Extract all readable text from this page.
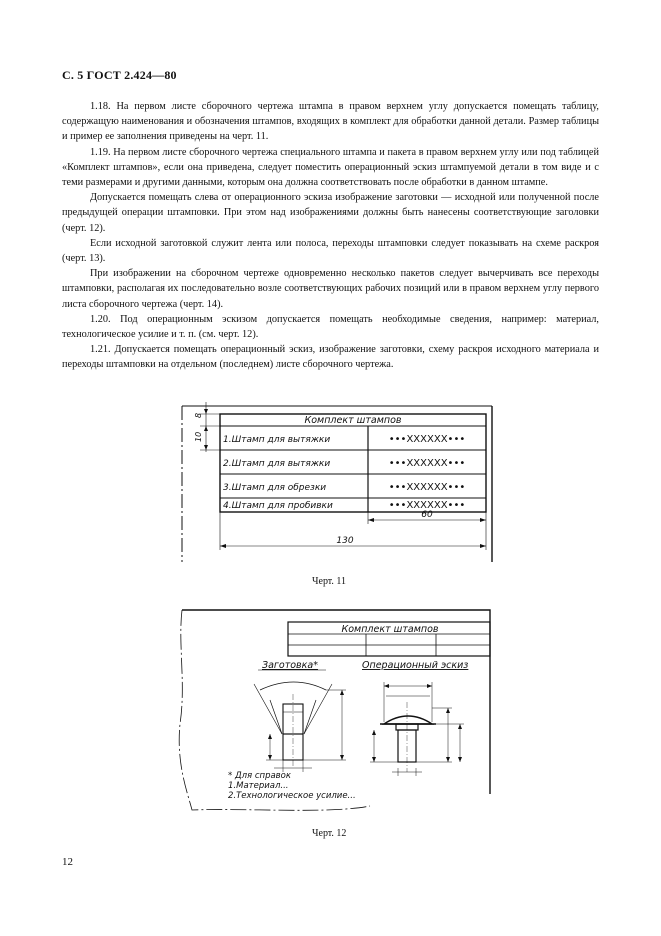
С. 5 ГОСТ 2.424—80

1.18. На первом листе сборочного чертежа штампа в правом верхнем углу допускается помещать таблицу, содержащую наименования и обозначения штампов, входящих в комплект для обработки данной детали. Размер таблицы и пример ее заполнения приведены на черт. 11.

1.19. На первом листе сборочного чертежа специального штампа и пакета в правом верхнем углу или под таблицей «Комплект штампов», если она приведена, следует поместить операционный эскиз штампуемой детали в том виде и с теми размерами и другими данными, которым она должна соответствовать после обработки в данном штампе.

Допускается помещать слева от операционного эскиза изображение заготовки — исходной или полученной после предыдущей операции штамповки. При этом над изображениями должны быть нанесены соответствующие заголовки (черт. 12).

Если исходной заготовкой служит лента или полоса, переходы штамповки следует показывать на схеме раскроя (черт. 13).

При изображении на сборочном чертеже одновременно несколько пакетов следует вычерчивать все переходы штамповки, располагая их последовательно возле соответствующих рабочих позиций или в правом верхнем углу первого листа сборочного чертежа (черт. 14).

1.20. Под операционным эскизом допускается помещать необходимые сведения, например: материал, технологическое усилие и т. п. (см. черт. 12).

1.21. Допускается помещать операционный эскиз, изображение заготовки, схему раскроя исходного материала и переходы штамповки на отдельном (последнем) листе сборочного чертежа.

Комплект штампов
1.Штамп для вытяжки	•••XXXXXX•••
2.Штамп для вытяжки	•••XXXXXX•••
3.Штамп для обрезки	•••XXXXXX•••
4.Штамп для пробивки	•••XXXXXX•••
10
8
60
130
Черт. 11
Комплект штампов
Заготовка*	Операционный эскиз
* Для справок
1.Материал...
2.Технологическое усилие...
Черт. 12
12
